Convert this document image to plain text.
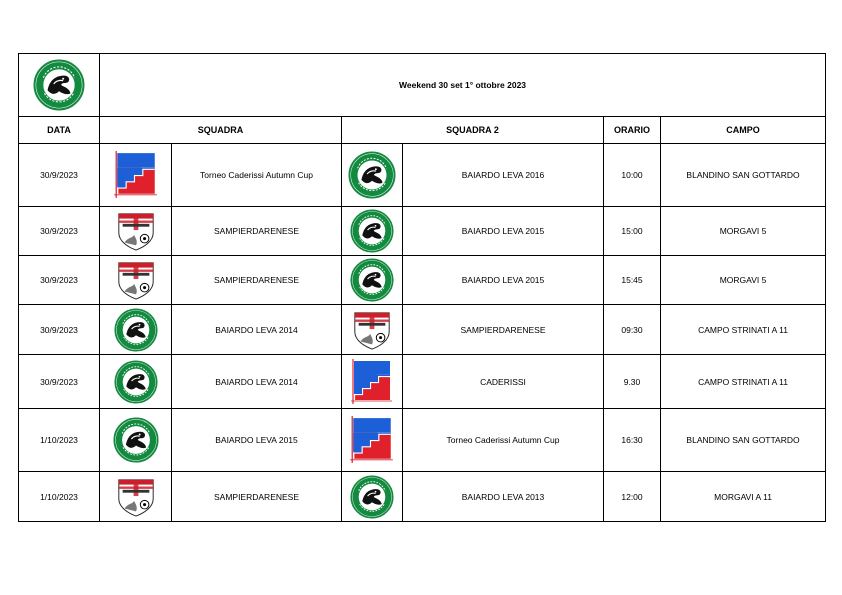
	Weekend 30 set 1° ottobre 2023					
DATA	SQUADRA		SQUADRA 2		ORARIO	CAMPO
30/9/2023		Torneo Caderissi Autumn Cup		BAIARDO LEVA 2016	10:00	BLANDINO SAN GOTTARDO
30/9/2023		SAMPIERDARENESE		BAIARDO LEVA 2015	15:00	MORGAVI 5
30/9/2023		SAMPIERDARENESE		BAIARDO LEVA 2015	15:45	MORGAVI 5
30/9/2023		BAIARDO LEVA 2014		SAMPIERDARENESE	09:30	CAMPO STRINATI A 11
30/9/2023		BAIARDO LEVA 2014		CADERISSI	9.30	CAMPO STRINATI A 11
1/10/2023		BAIARDO LEVA 2015		Torneo Caderissi Autumn Cup	16:30	BLANDINO SAN GOTTARDO
1/10/2023		SAMPIERDARENESE		BAIARDO LEVA 2013	12:00	MORGAVI A 11
